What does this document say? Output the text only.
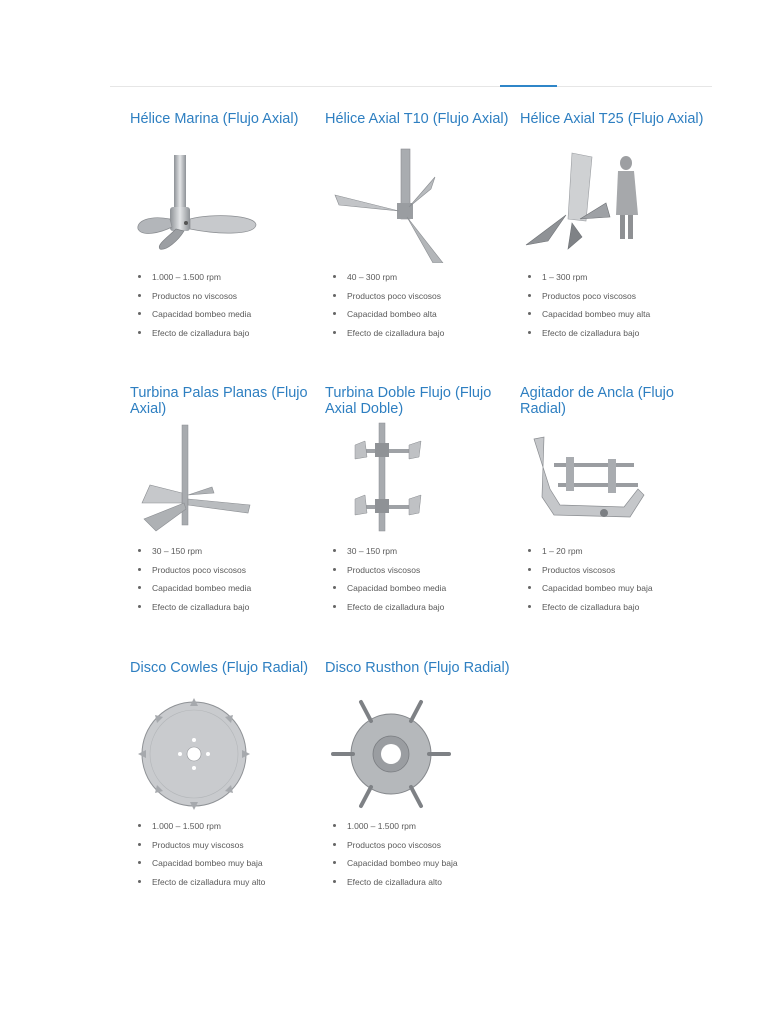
Hélice Marina (Flujo Axial)
1.000 – 1.500 rpm
Productos no viscosos
Capacidad bombeo media
Efecto de cizalladura bajo
Hélice Axial T10 (Flujo Axial)
40 – 300 rpm
Productos poco viscosos
Capacidad bombeo alta
Efecto de cizalladura bajo
Hélice Axial T25 (Flujo Axial)
1 – 300 rpm
Productos poco viscosos
Capacidad bombeo muy alta
Efecto de cizalladura bajo
Turbina Palas Planas (Flujo Axial)
30 – 150 rpm
Productos poco viscosos
Capacidad bombeo media
Efecto de cizalladura bajo
Turbina Doble Flujo (Flujo Axial Doble)
30 – 150 rpm
Productos viscosos
Capacidad bombeo media
Efecto de cizalladura bajo
Agitador de Ancla (Flujo Radial)
1 – 20 rpm
Productos viscosos
Capacidad bombeo muy baja
Efecto de cizalladura bajo
Disco Cowles (Flujo Radial)
1.000 – 1.500 rpm
Productos muy viscosos
Capacidad bombeo muy baja
Efecto de cizalladura muy alto
Disco Rusthon (Flujo Radial)
1.000 – 1.500 rpm
Productos poco viscosos
Capacidad bombeo muy baja
Efecto de cizalladura alto
